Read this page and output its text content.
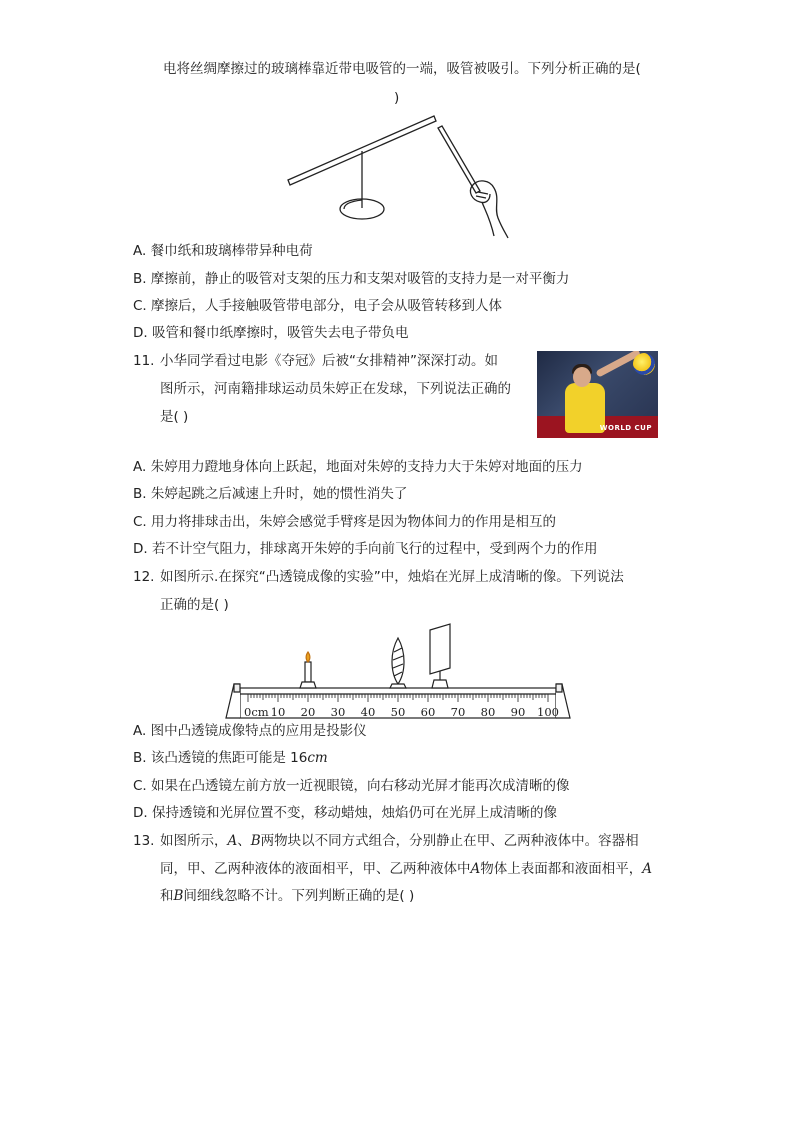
电将丝绸摩擦过的玻璃棒靠近带电吸管的一端，吸管被吸引。下列分析正确的是(
)
A. 餐巾纸和玻璃棒带异种电荷
B. 摩擦前，静止的吸管对支架的压力和支架对吸管的支持力是一对平衡力
C. 摩擦后，人手接触吸管带电部分，电子会从吸管转移到人体
D. 吸管和餐巾纸摩擦时，吸管失去电子带负电
11. 小华同学看过电影《夺冠》后被“女排精神”深深打动。如
图所示，河南籍排球运动员朱婷正在发球，下列说法正确的
是( )
WORLD CUP
A. 朱婷用力蹬地身体向上跃起，地面对朱婷的支持力大于朱婷对地面的压力
B. 朱婷起跳之后减速上升时，她的惯性消失了
C. 用力将排球击出，朱婷会感觉手臂疼是因为物体间力的作用是相互的
D. 若不计空气阻力，排球离开朱婷的手向前飞行的过程中，受到两个力的作用
12. 如图所示.在探究“凸透镜成像的实验”中，烛焰在光屏上成清晰的像。下列说法
正确的是( )
0cm 10 20 30 40 50 60 70 80 90 100
A. 图中凸透镜成像特点的应用是投影仪
B. 该凸透镜的焦距可能是 16cm
C. 如果在凸透镜左前方放一近视眼镜，向右移动光屏才能再次成清晰的像
D. 保持透镜和光屏位置不变，移动蜡烛，烛焰仍可在光屏上成清晰的像
13. 如图所示，A、B两物块以不同方式组合，分别静止在甲、乙两种液体中。容器相
同，甲、乙两种液体的液面相平，甲、乙两种液体中A物体上表面都和液面相平，A
和B间细线忽略不计。下列判断正确的是( )
